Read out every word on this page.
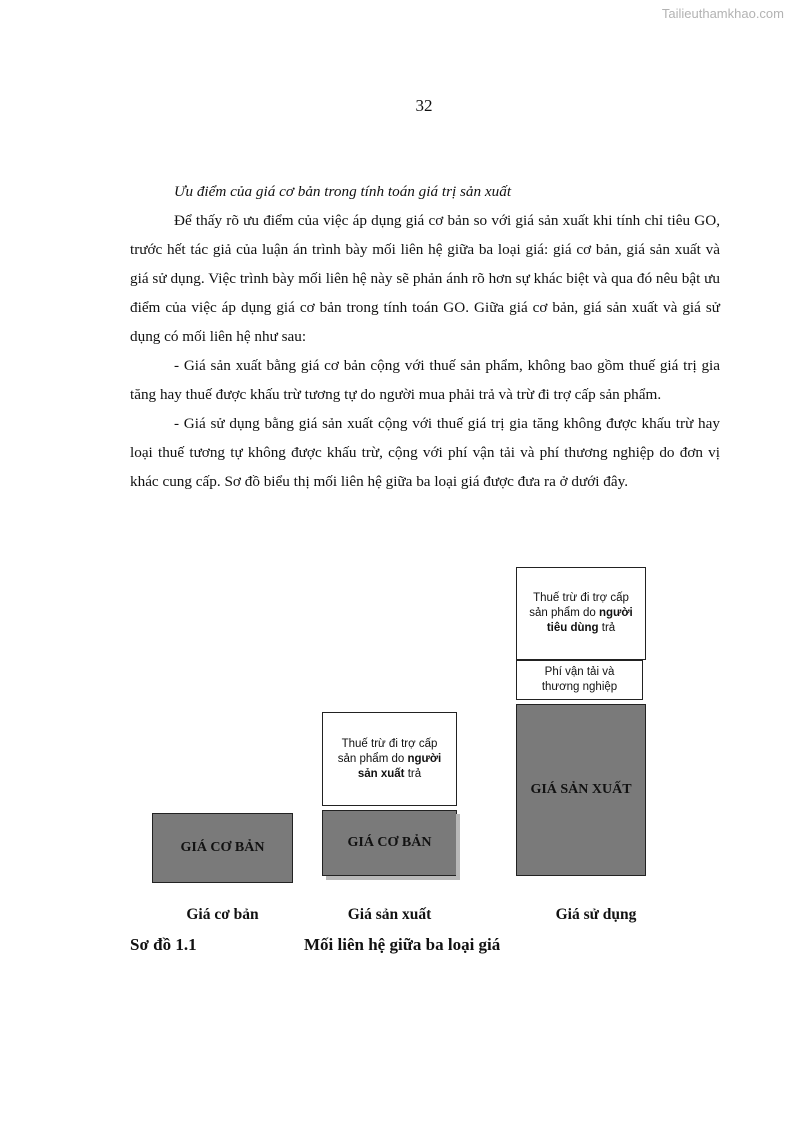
Tailieuthamkhao.com
32

Ưu điểm của giá cơ bản trong tính toán giá trị sản xuất

Để thấy rõ ưu điểm của việc áp dụng giá cơ bản so với giá sản xuất khi tính chỉ tiêu GO, trước hết tác giả của luận án trình bày mối liên hệ giữa ba loại giá: giá cơ bản, giá sản xuất và giá sử dụng. Việc trình bày mối liên hệ này sẽ phản ánh rõ hơn sự khác biệt và qua đó nêu bật ưu điểm của việc áp dụng giá cơ bản trong tính toán GO. Giữa giá cơ bản, giá sản xuất và giá sử dụng có mối liên hệ như sau:

- Giá sản xuất bằng giá cơ bản cộng với thuế sản phẩm, không bao gồm thuế giá trị gia tăng hay thuế được khấu trừ tương tự do người mua phải trả và trừ đi trợ cấp sản phẩm.

- Giá sử dụng bằng giá sản xuất cộng với thuế giá trị gia tăng không được khấu trừ hay loại thuế tương tự không được khấu trừ, cộng với phí vận tải và phí thương nghiệp do đơn vị khác cung cấp. Sơ đồ biểu thị mối liên hệ giữa ba loại giá được đưa ra ở dưới đây.

GIÁ CƠ BẢN
Thuế trừ đi trợ cấp sản phẩm do người sản xuất trả
GIÁ CƠ BẢN
Thuế trừ đi trợ cấp sản phẩm do người tiêu dùng trả
Phí vận tải và thương nghiệp
GIÁ SẢN XUẤT
Giá cơ bản	Giá sản xuất	Giá sử dụng
Sơ đồ 1.1	Mối liên hệ giữa ba loại giá
